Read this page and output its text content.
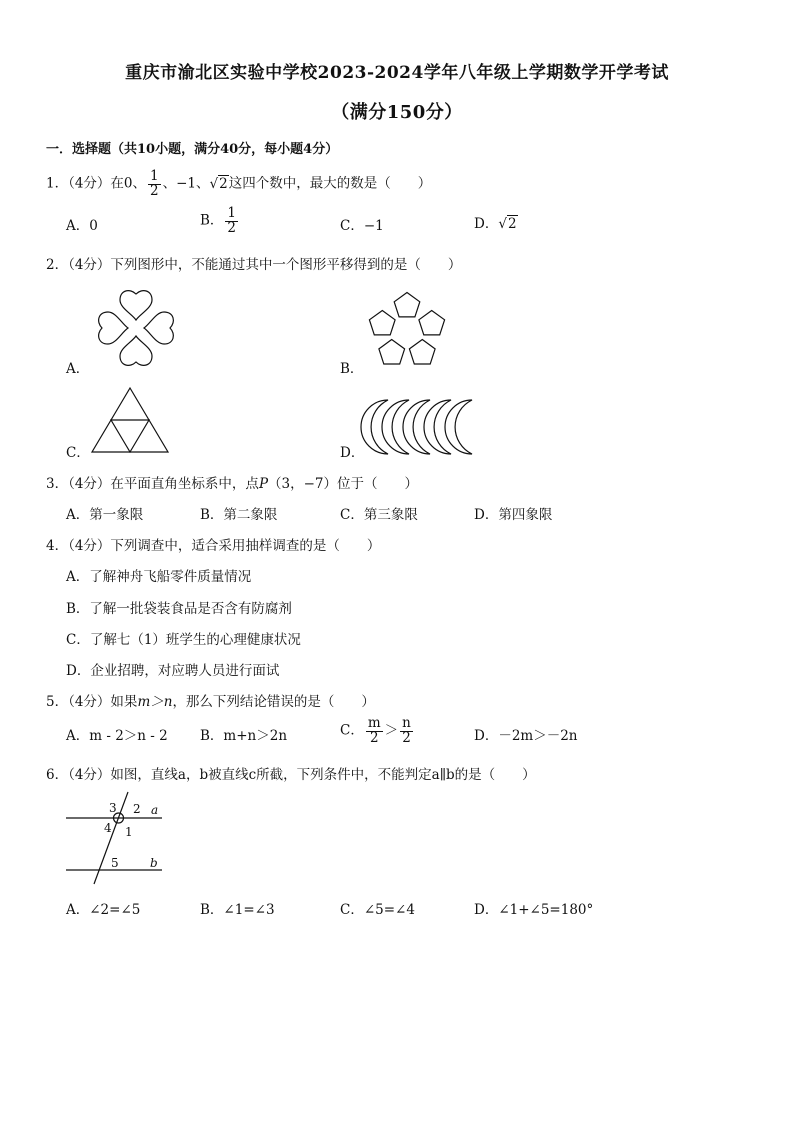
重庆市渝北区实验中学校2023-2024学年八年级上学期数学开学考试
（满分150分）
一．选择题（共10小题，满分40分，每小题4分）
1．（4分）在0、 $\frac{1}{2}$ 、−1、√2这四个数中，最大的数是（　　）
A．0	B． $\frac{1}{2}$	C．−1	D．√2
2．（4分）下列图形中，不能通过其中一个图形平移得到的是（　　）
A．	B．
C．	D．
3．（4分）在平面直角坐标系中，点P（3，−7）位于（　　）
A．第一象限	B．第二象限	C．第三象限	D．第四象限
4．（4分）下列调查中，适合采用抽样调查的是（　　）
A．了解神舟飞船零件质量情况
B．了解一批袋装食品是否含有防腐剂
C．了解七（1）班学生的心理健康状况
D．企业招聘，对应聘人员进行面试
5．（4分）如果m＞n，那么下列结论错误的是（　　）
A．m - 2＞n - 2 B．m+n＞2n	C． $\frac{m}{2} > \frac{n}{2}$	D．－2m＞－2n
6．（4分）如图，直线a，b被直线c所截，下列条件中，不能判定a∥b的是（　　）
3 2 a
4 1
5	b
A．∠2=∠5	B．∠1=∠3	C．∠5=∠4	D．∠1+∠5=180°
